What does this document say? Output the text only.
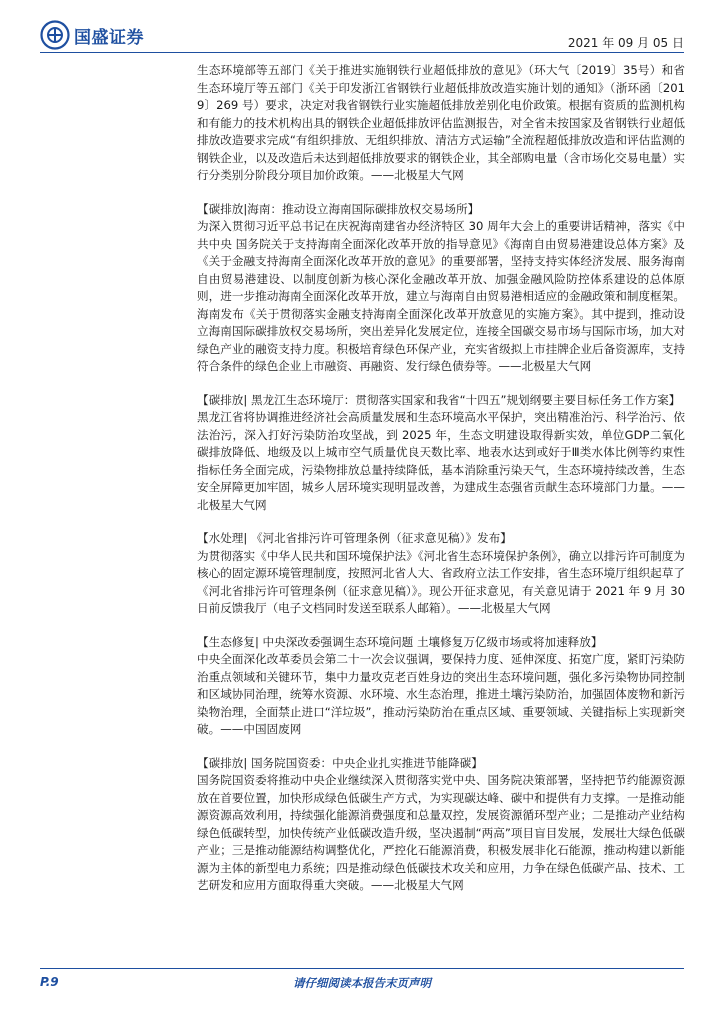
国盛证券	2021 年 09 月 05 日

生态环境部等五部门《关于推进实施钢铁行业超低排放的意见》（环大气〔2019〕35号）和省生态环境厅等五部门《关于印发浙江省钢铁行业超低排放改造实施计划的通知》（浙环函〔2019〕269 号）要求，决定对我省钢铁行业实施超低排放差别化电价政策。根据有资质的监测机构和有能力的技术机构出具的钢铁企业超低排放评估监测报告，对全省未按国家及省钢铁行业超低排放改造要求完成“有组织排放、无组织排放、清洁方式运输”全流程超低排放改造和评估监测的钢铁企业，以及改造后未达到超低排放要求的钢铁企业，其全部购电量（含市场化交易电量）实行分类别分阶段分项目加价政策。——北极星大气网

【碳排放|海南：推动设立海南国际碳排放权交易场所】

为深入贯彻习近平总书记在庆祝海南建省办经济特区 30 周年大会上的重要讲话精神，落实《中共中央 国务院关于支持海南全面深化改革开放的指导意见》《海南自由贸易港建设总体方案》及《关于金融支持海南全面深化改革开放的意见》的重要部署，坚持支持实体经济发展、服务海南自由贸易港建设、以制度创新为核心深化金融改革开放、加强金融风险防控体系建设的总体原则，进一步推动海南全面深化改革开放，建立与海南自由贸易港相适应的金融政策和制度框架。海南发布《关于贯彻落实金融支持海南全面深化改革开放意见的实施方案》。其中提到，推动设立海南国际碳排放权交易场所，突出差异化发展定位，连接全国碳交易市场与国际市场，加大对绿色产业的融资支持力度。积极培育绿色环保产业，充实省级拟上市挂牌企业后备资源库，支持符合条件的绿色企业上市融资、再融资、发行绿色债券等。——北极星大气网

【碳排放| 黑龙江生态环境厅：贯彻落实国家和我省“十四五”规划纲要主要目标任务工作方案】

黑龙江省将协调推进经济社会高质量发展和生态环境高水平保护，突出精准治污、科学治污、依法治污，深入打好污染防治攻坚战，到 2025 年，生态文明建设取得新实效，单位GDP二氧化碳排放降低、地级及以上城市空气质量优良天数比率、地表水达到或好于Ⅲ类水体比例等约束性指标任务全面完成，污染物排放总量持续降低，基本消除重污染天气，生态环境持续改善，生态安全屏障更加牢固，城乡人居环境实现明显改善，为建成生态强省贡献生态环境部门力量。——北极星大气网

【水处理| 《河北省排污许可管理条例（征求意见稿）》发布】

为贯彻落实《中华人民共和国环境保护法》《河北省生态环境保护条例》，确立以排污许可制度为核心的固定源环境管理制度，按照河北省人大、省政府立法工作安排，省生态环境厅组织起草了《河北省排污许可管理条例（征求意见稿）》。现公开征求意见，有关意见请于 2021 年 9 月 30 日前反馈我厅（电子文档同时发送至联系人邮箱）。——北极星大气网

【生态修复| 中央深改委强调生态环境问题 土壤修复万亿级市场或将加速释放】

中央全面深化改革委员会第二十一次会议强调，要保持力度、延伸深度、拓宽广度，紧盯污染防治重点领域和关键环节，集中力量攻克老百姓身边的突出生态环境问题，强化多污染物协同控制和区域协同治理，统筹水资源、水环境、水生态治理，推进土壤污染防治，加强固体废物和新污染物治理，全面禁止进口“洋垃圾”，推动污染防治在重点区域、重要领域、关键指标上实现新突破。——中国固废网

【碳排放| 国务院国资委：中央企业扎实推进节能降碳】

国务院国资委将推动中央企业继续深入贯彻落实党中央、国务院决策部署，坚持把节约能源资源放在首要位置，加快形成绿色低碳生产方式，为实现碳达峰、碳中和提供有力支撑。一是推动能源资源高效利用，持续强化能源消费强度和总量双控，发展资源循环型产业；二是推动产业结构绿色低碳转型，加快传统产业低碳改造升级，坚决遏制“两高”项目盲目发展，发展壮大绿色低碳产业；三是推动能源结构调整优化，严控化石能源消费，积极发展非化石能源，推动构建以新能源为主体的新型电力系统；四是推动绿色低碳技术攻关和应用，力争在绿色低碳产品、技术、工艺研发和应用方面取得重大突破。——北极星大气网

P.9	请仔细阅读本报告末页声明
